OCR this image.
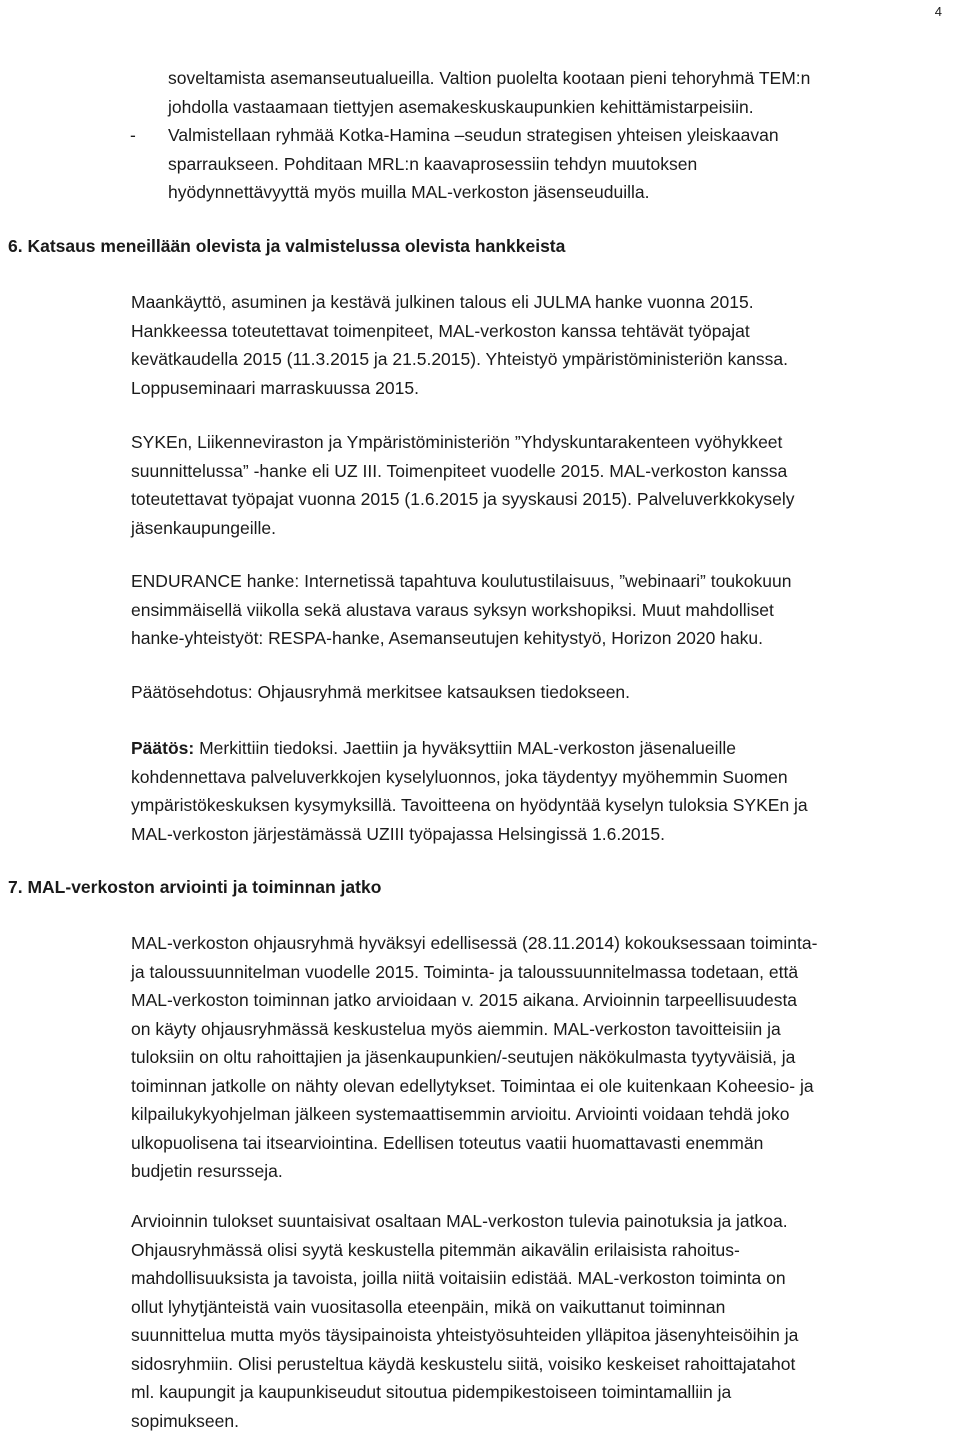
4
soveltamista asemanseutualueilla. Valtion puolelta kootaan pieni tehoryhmä TEM:n
johdolla vastaamaan tiettyjen asemakeskuskaupunkien kehittämistarpeisiin.
- Valmistellaan ryhmää Kotka-Hamina –seudun strategisen yhteisen yleiskaavan
sparraukseen. Pohditaan MRL:n kaavaprosessiin tehdyn muutoksen
hyödynnettävyyttä myös muilla MAL-verkoston jäsenseuduilla.
6. Katsaus meneillään olevista ja valmistelussa olevista hankkeista
Maankäyttö, asuminen ja kestävä julkinen talous eli JULMA hanke vuonna 2015.
Hankkeessa toteutettavat toimenpiteet, MAL-verkoston kanssa tehtävät työpajat
kevätkaudella 2015 (11.3.2015 ja 21.5.2015). Yhteistyö ympäristöministeriön kanssa.
Loppuseminaari marraskuussa 2015.
SYKEn, Liikenneviraston ja Ympäristöministeriön ”Yhdyskuntarakenteen vyöhykkeet
suunnittelussa” -hanke eli UZ III. Toimenpiteet vuodelle 2015. MAL-verkoston kanssa
toteutettavat työpajat vuonna 2015 (1.6.2015 ja syyskausi 2015). Palveluverkkokysely
jäsenkaupungeille.
ENDURANCE hanke: Internetissä tapahtuva koulutustilaisuus, ”webinaari” toukokuun
ensimmäisellä viikolla sekä alustava varaus syksyn workshopiksi. Muut mahdolliset
hanke-yhteistyöt: RESPA-hanke, Asemanseutujen kehitystyö, Horizon 2020 haku.
Päätösehdotus: Ohjausryhmä merkitsee katsauksen tiedokseen.
Päätös: Merkittiin tiedoksi. Jaettiin ja hyväksyttiin MAL-verkoston jäsenalueille
kohdennettava palveluverkkojen kyselyluonnos, joka täydentyy myöhemmin Suomen
ympäristökeskuksen kysymyksillä. Tavoitteena on hyödyntää kyselyn tuloksia SYKEn ja
MAL-verkoston järjestämässä UZIII työpajassa Helsingissä 1.6.2015.
7. MAL-verkoston arviointi ja toiminnan jatko
MAL-verkoston ohjausryhmä hyväksyi edellisessä (28.11.2014) kokouksessaan toiminta-
ja taloussuunnitelman vuodelle 2015. Toiminta- ja taloussuunnitelmassa todetaan, että
MAL-verkoston toiminnan jatko arvioidaan v. 2015 aikana. Arvioinnin tarpeellisuudesta
on käyty ohjausryhmässä keskustelua myös aiemmin. MAL-verkoston tavoitteisiin ja
tuloksiin on oltu rahoittajien ja jäsenkaupunkien/-seutujen näkökulmasta tyytyväisiä, ja
toiminnan jatkolle on nähty olevan edellytykset. Toimintaa ei ole kuitenkaan Koheesio- ja
kilpailukykyohjelman jälkeen systemaattisemmin arvioitu. Arviointi voidaan tehdä joko
ulkopuolisena tai itsearviointina. Edellisen toteutus vaatii huomattavasti enemmän
budjetin resursseja.
Arvioinnin tulokset suuntaisivat osaltaan MAL-verkoston tulevia painotuksia ja jatkoa.
Ohjausryhmässä olisi syytä keskustella pitemmän aikavälin erilaisista rahoitus-
mahdollisuuksista ja tavoista, joilla niitä voitaisiin edistää. MAL-verkoston toiminta on
ollut lyhytjänteistä vain vuositasolla eteenpäin, mikä on vaikuttanut toiminnan
suunnittelua mutta myös täysipainoista yhteistyösuhteiden ylläpitoa jäsenyhteisöihin ja
sidosryhmiin. Olisi perusteltua käydä keskustelu siitä, voisiko keskeiset rahoittajatahot
ml. kaupungit ja kaupunkiseudut sitoutua pidempikestoiseen toimintamalliin ja
sopimukseen.
